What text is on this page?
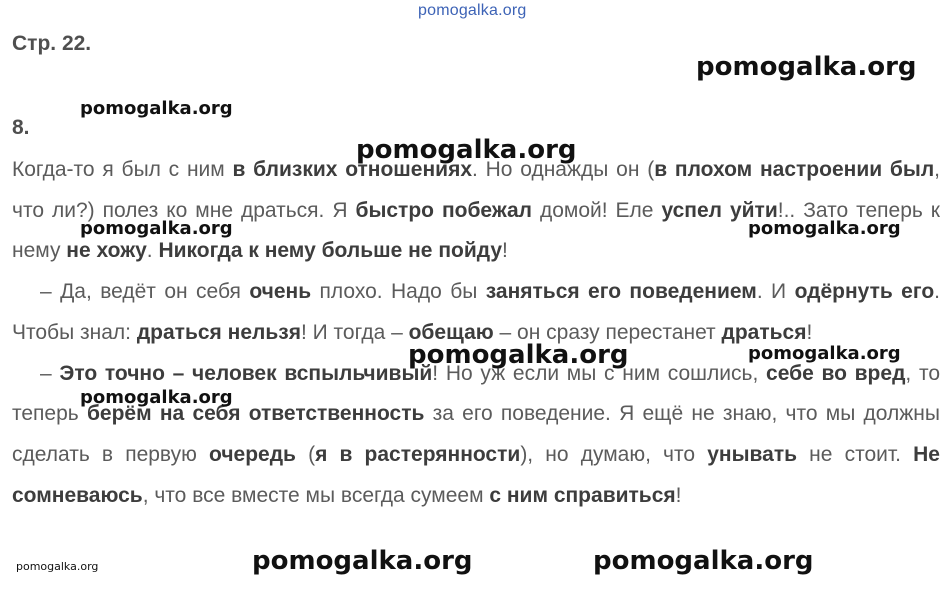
pomogalka.org
Стр. 22.
8.

Когда-то я был с ним в близких отношениях. Но однажды он (в плохом настроении был, что ли?) полез ко мне драться. Я быстро побежал домой! Еле успел уйти!.. Зато теперь к нему не хожу. Никогда к нему больше не пойду!

– Да, ведёт он себя очень плохо. Надо бы заняться его поведением. И одёрнуть его. Чтобы знал: драться нельзя! И тогда – обещаю – он сразу перестанет драться!

– Это точно – человек вспыльчивый! Но уж если мы с ним сошлись, себе во вред, то теперь берём на себя ответственность за его поведение. Я ещё не знаю, что мы должны сделать в первую очередь (я в растерянности), но думаю, что унывать не стоит. Не сомневаюсь, что все вместе мы всегда сумеем с ним справиться!

pomogalka.org
pomogalka.org
pomogalka.org
pomogalka.org	pomogalka.org
pomogalka.org	pomogalka.org
pomogalka.org
pomogalka.org	pomogalka.org
pomogalka.org
